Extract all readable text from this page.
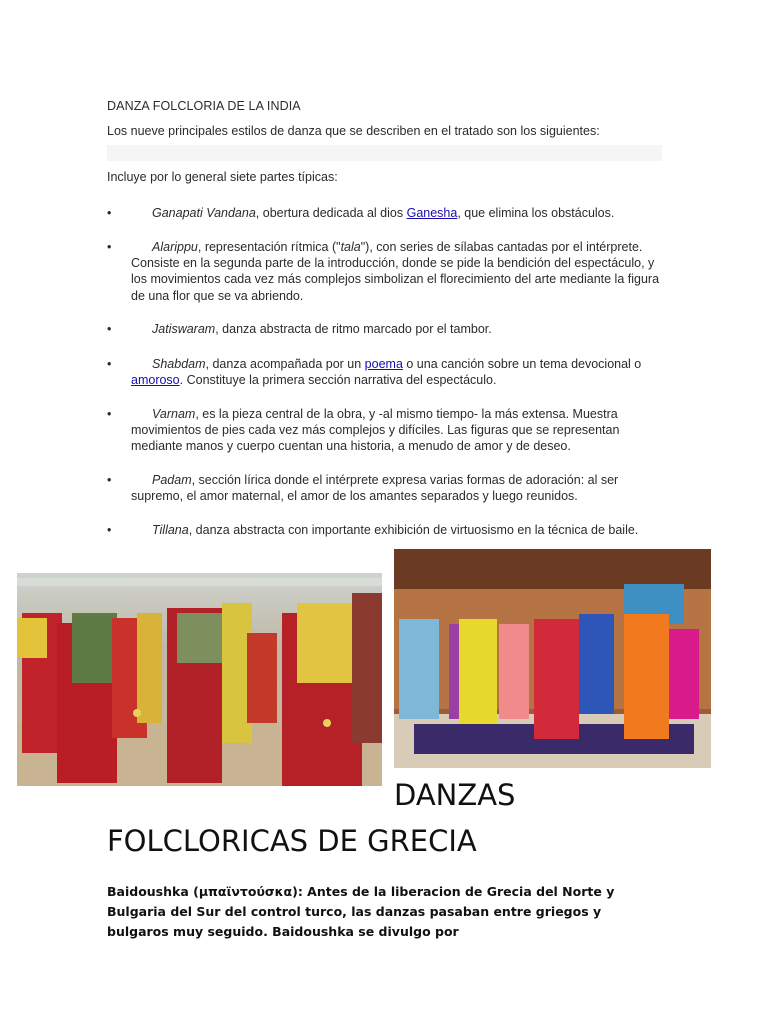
DANZA FOLCLORIA DE LA INDIA
Los nueve principales estilos de danza que se describen en el tratado son los siguientes:
Incluye por lo general siete partes típicas:
•	Ganapati Vandana, obertura dedicada al dios Ganesha, que elimina los obstáculos.
•	Alarippu, representación rítmica ("tala"), con series de sílabas cantadas por el intérprete. Consiste en la segunda parte de la introducción, donde se pide la bendición del espectáculo, y los movimientos cada vez más complejos simbolizan el florecimiento del arte mediante la figura de una flor que se va abriendo.
•	Jatiswaram, danza abstracta de ritmo marcado por el tambor.
•	Shabdam, danza acompañada por un poema o una canción sobre un tema devocional o amoroso. Constituye la primera sección narrativa del espectáculo.
•	Varnam, es la pieza central de la obra, y -al mismo tiempo- la más extensa. Muestra movimientos de pies cada vez más complejos y difíciles. Las figuras que se representan mediante manos y cuerpo cuentan una historia, a menudo de amor y de deseo.
•	Padam, sección lírica donde el intérprete expresa varias formas de adoración: al ser supremo, el amor maternal, el amor de los amantes separados y luego reunidos.
•	Tillana, danza abstracta con importante exhibición de virtuosismo en la técnica de baile.
DANZAS
FOLCLORICAS DE GRECIA
Baidoushka (μπαϊντούσκα): Antes de la liberacion de Grecia del Norte y Bulgaria del Sur del control turco, las danzas pasaban entre griegos y bulgaros muy seguido. Baidoushka se divulgo por
